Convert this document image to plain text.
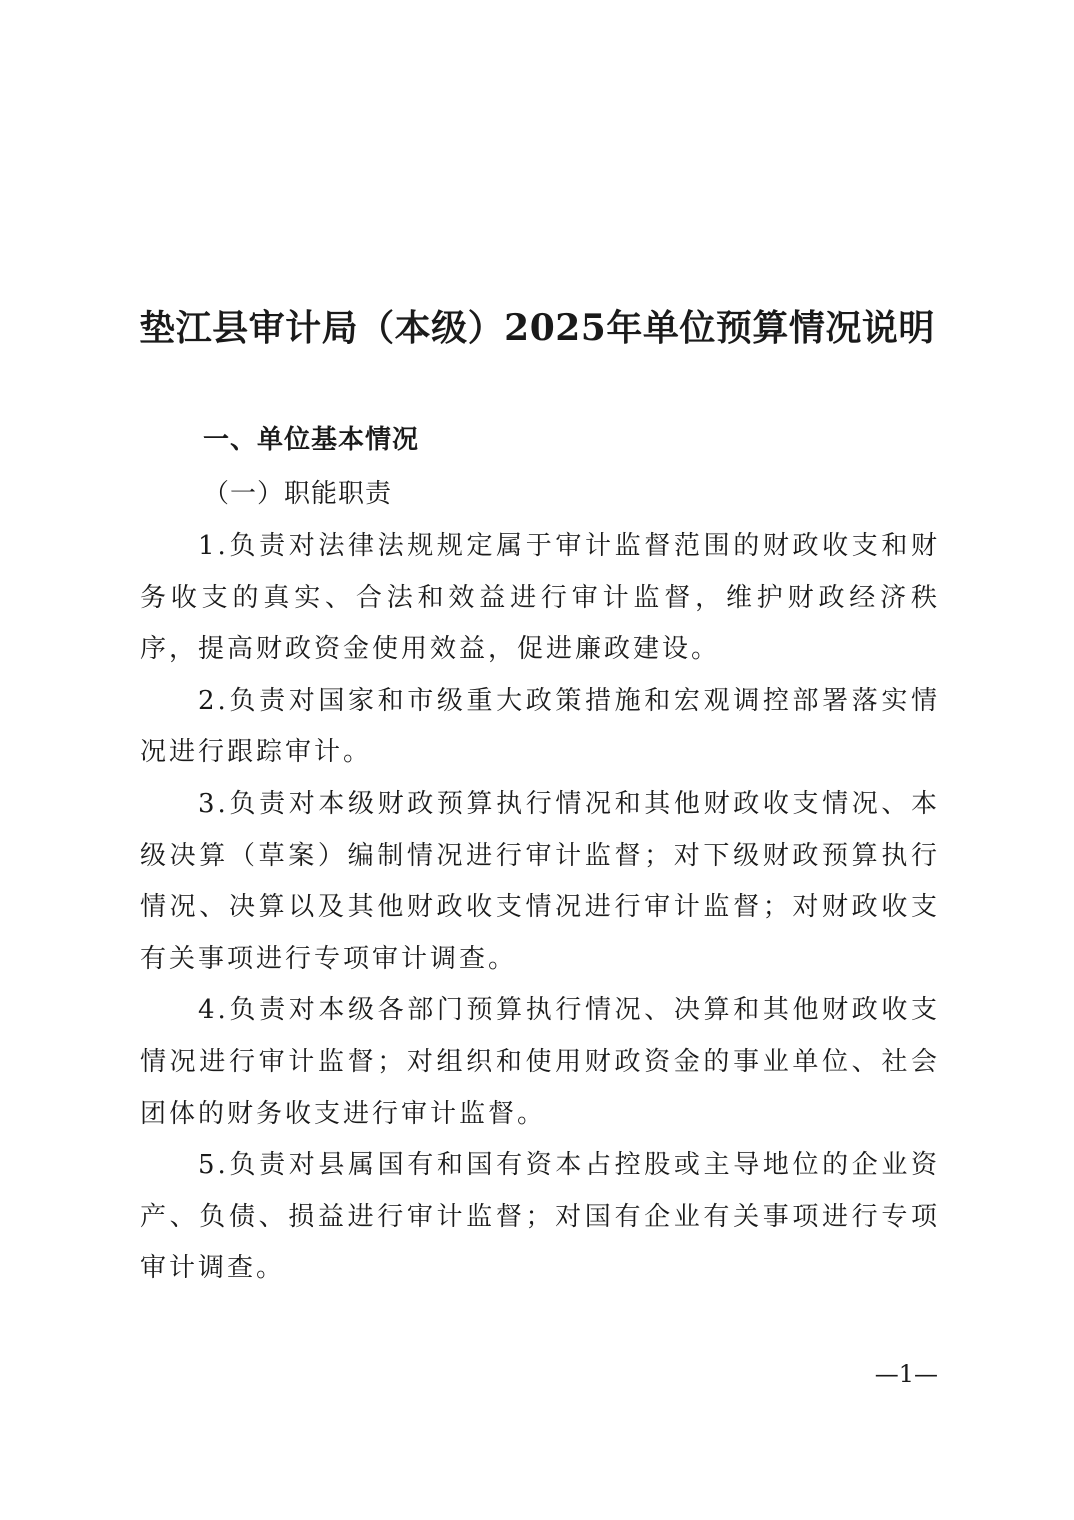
垫江县审计局（本级）2025年单位预算情况说明
一、单位基本情况
（一）职能职责

1.负责对法律法规规定属于审计监督范围的财政收支和财务收支的真实、合法和效益进行审计监督，维护财政经济秩序，提高财政资金使用效益，促进廉政建设。

2.负责对国家和市级重大政策措施和宏观调控部署落实情况进行跟踪审计。

3.负责对本级财政预算执行情况和其他财政收支情况、本级决算（草案）编制情况进行审计监督；对下级财政预算执行情况、决算以及其他财政收支情况进行审计监督；对财政收支有关事项进行专项审计调查。

4.负责对本级各部门预算执行情况、决算和其他财政收支情况进行审计监督；对组织和使用财政资金的事业单位、社会团体的财务收支进行审计监督。

5.负责对县属国有和国有资本占控股或主导地位的企业资产、负债、损益进行审计监督；对国有企业有关事项进行专项审计调查。

—1—
